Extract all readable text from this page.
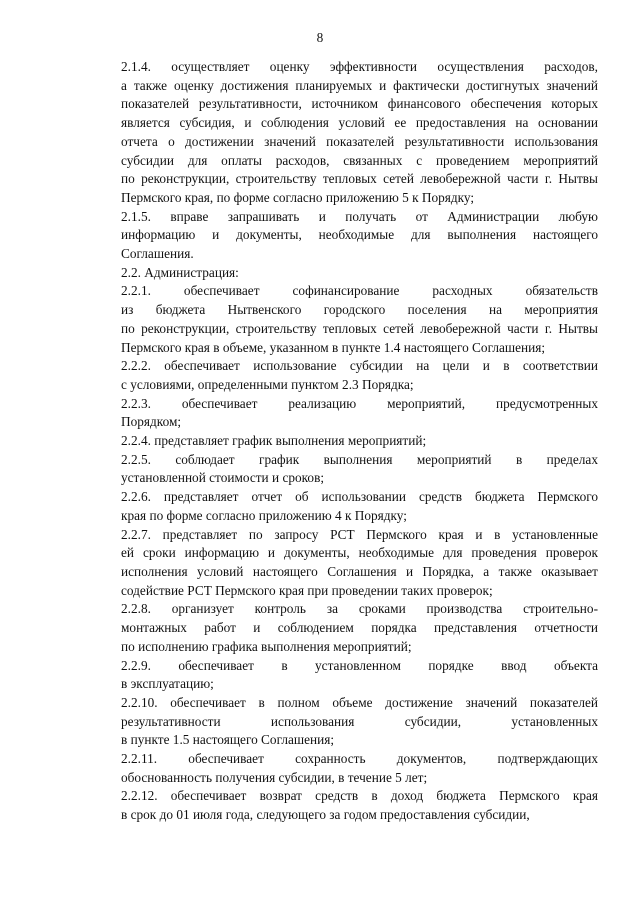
8

2.1.4. осуществляет оценку эффективности осуществления расходов,
а также оценку достижения планируемых и фактически достигнутых значений
показателей результативности, источником финансового обеспечения которых
является субсидия, и соблюдения условий ее предоставления на основании
отчета о достижении значений показателей результативности использования
субсидии для оплаты расходов, связанных с проведением мероприятий
по реконструкции, строительству тепловых сетей левобережной части г. Нытвы
Пермского края, по форме согласно приложению 5 к Порядку;

2.1.5. вправе запрашивать и получать от Администрации любую
информацию и документы, необходимые для выполнения настоящего
Соглашения.

2.2. Администрация:

2.2.1. обеспечивает софинансирование расходных обязательств
из бюджета Нытвенского городского поселения на мероприятия
по реконструкции, строительству тепловых сетей левобережной части г. Нытвы
Пермского края в объеме, указанном в пункте 1.4 настоящего Соглашения;

2.2.2. обеспечивает использование субсидии на цели и в соответствии
с условиями, определенными пунктом 2.3 Порядка;

2.2.3. обеспечивает реализацию мероприятий, предусмотренных
Порядком;

2.2.4. представляет график выполнения мероприятий;

2.2.5. соблюдает график выполнения мероприятий в пределах
установленной стоимости и сроков;

2.2.6. представляет отчет об использовании средств бюджета Пермского
края по форме согласно приложению 4 к Порядку;

2.2.7. представляет по запросу РСТ Пермского края и в установленные
ей сроки информацию и документы, необходимые для проведения проверок
исполнения условий настоящего Соглашения и Порядка, а также оказывает
содействие РСТ Пермского края при проведении таких проверок;

2.2.8. организует контроль за сроками производства строительно-
монтажных работ и соблюдением порядка представления отчетности
по исполнению графика выполнения мероприятий;

2.2.9. обеспечивает в установленном порядке ввод объекта
в эксплуатацию;

2.2.10. обеспечивает в полном объеме достижение значений показателей
результативности использования субсидии, установленных
в пункте 1.5 настоящего Соглашения;

2.2.11. обеспечивает сохранность документов, подтверждающих
обоснованность получения субсидии, в течение 5 лет;

2.2.12. обеспечивает возврат средств в доход бюджета Пермского края
в срок до 01 июля года, следующего за годом предоставления субсидии,
